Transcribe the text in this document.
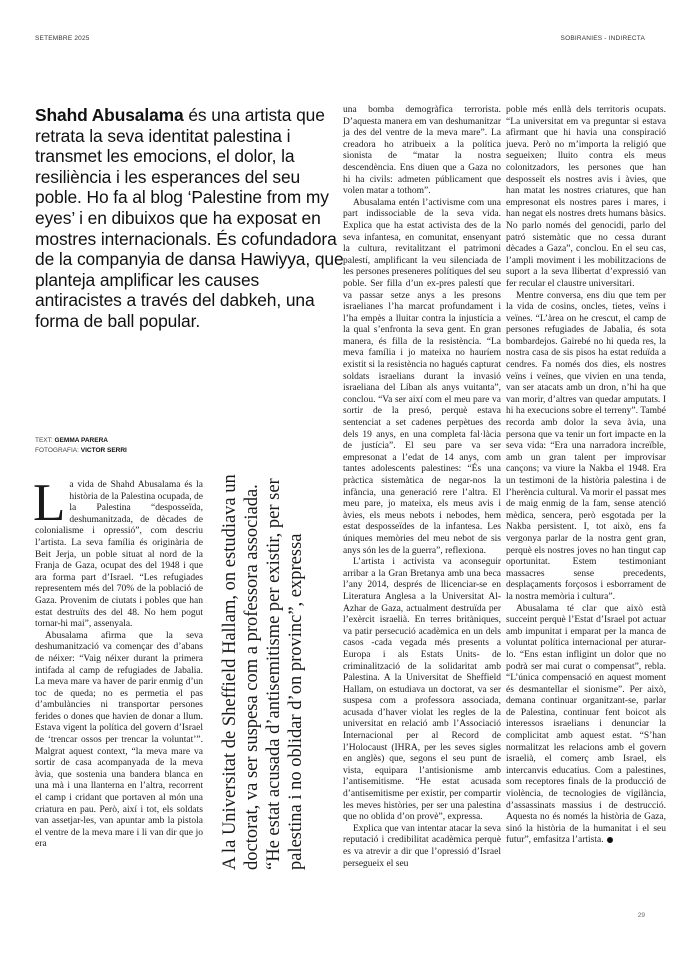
SETEMBRE 2025	SOBIRANIES - INDIRECTA
Shahd Abusalama és una artista que retrata la seva identitat palestina i transmet les emocions, el dolor, la resiliència i les esperances del seu poble. Ho fa al blog ‘Palestine from my eyes’ i en dibuixos que ha exposat en mostres internacionals. És cofundadora de la companyia de dansa Hawiyya, que planteja amplificar les causes antiracistes a través del dabkeh, una forma de ball popular.
TEXT: GEMMA PARERA
FOTOGRAFIA: VICTOR SERRI

La vida de Shahd Abusalama és la història de la Palestina ocupada, de la Palestina “desposseïda, deshumanitzada, de dècades de colonialisme i opressió”, com descriu l’artista. La seva família és originària de Beit Jerja, un poble situat al nord de la Franja de Gaza, ocupat des del 1948 i que ara forma part d’Israel. “Les refugiades representem més del 70% de la població de Gaza. Provenim de ciutats i pobles que han estat destruïts des del 48. No hem pogut tornar-hi mai”, assenyala.

Abusalama afirma que la seva deshumanització va començar des d’abans de néixer: “Vaig néixer durant la primera intifada al camp de refugiades de Jabalia. La meva mare va haver de parir enmig d’un toc de queda; no es permetia el pas d’ambulàncies ni transportar persones ferides o dones que havien de donar a llum. Estava vigent la política del govern d’Israel de ‘trencar ossos per trencar la voluntat’”. Malgrat aquest context, “la meva mare va sortir de casa acompanyada de la meva àvia, que sostenia una bandera blanca en una mà i una llanterna en l’altra, recorrent el camp i cridant que portaven al món una criatura en pau. Però, així i tot, els soldats van assetjar-les, van apuntar amb la pistola el ventre de la meva mare i li van dir que jo era	A la Universitat de Sheffield Hallam, on estudiava un doctorat, va ser suspesa com a professora associada. “He estat acusada d’antisemitisme per existir, per ser palestina i no oblidar d’on provinc”, expressa

una bomba demogràfica terrorista. D’aquesta manera em van deshumanitzar ja des del ventre de la meva mare”. La creadora ho atribueix a la política sionista de “matar la nostra descendència. Ens diuen que a Gaza no hi ha civils: admeten públicament que volen matar a tothom”.

Abusalama entén l’activisme com una part indissociable de la seva vida. Explica que ha estat activista des de la seva infantesa, en comunitat, ensenyant la cultura, revitalitzant el patrimoni palestí, amplificant la veu silenciada de les persones preseneres polítiques del seu poble. Ser filla d’un ex-pres palestí que va passar setze anys a les presons israelianes l’ha marcat profundament i l’ha empès a lluitar contra la injustícia a la qual s’enfronta la seva gent. En gran manera, és filla de la resistència. “La meva família i jo mateixa no hauríem existit si la resistència no hagués capturat soldats israelians durant la invasió israeliana del Líban als anys vuitanta”, conclou. “Va ser així com el meu pare va sortir de la presó, perquè estava sentenciat a set cadenes perpètues des dels 19 anys, en una completa fal·làcia de justícia”. El seu pare va ser empresonat a l’edat de 14 anys, com tantes adolescents palestines: “És una pràctica sistemàtica de negar-nos la infància, una generació rere l’altra. El meu pare, jo mateixa, els meus avis i àvies, els meus nebots i nebodes, hem estat desposseïdes de la infantesa. Les úniques memòries del meu nebot de sis anys són les de la guerra”, reflexiona.

L’artista i activista va aconseguir arribar a la Gran Bretanya amb una beca l’any 2014, després de llicenciar-se en Literatura Anglesa a la Universitat Al-Azhar de Gaza, actualment destruïda per l’exèrcit israelià. En terres britàniques, va patir persecució acadèmica en un dels casos -cada vegada més presents a Europa i als Estats Units- de criminalització de la solidaritat amb Palestina. A la Universitat de Sheffield Hallam, on estudiava un doctorat, va ser suspesa com a professora associada, acusada d’haver violat les regles de la universitat en relació amb l’Associació Internacional per al Record de l’Holocaust (IHRA, per les seves sigles en anglès) que, segons el seu punt de vista, equipara l’antisionisme amb l’antisemitisme. “He estat acusada d’antisemitisme per existir, per compartir les meves històries, per ser una palestina que no oblida d’on provè”, expressa.

Explica que van intentar atacar la seva reputació i credibilitat acadèmica perquè es va atrevir a dir que l’opressió d’Israel persegueix el seu

poble més enllà dels territoris ocupats. “La universitat em va preguntar si estava afirmant que hi havia una conspiració jueva. Però no m’importa la religió que segueixen; lluito contra els meus colonitzadors, les persones que han desposseït els nostres avis i àvies, que han matat les nostres criatures, que han empresonat els nostres pares i mares, i han negat els nostres drets humans bàsics. No parlo només del genocidi, parlo del patró sistemàtic que no cessa durant dècades a Gaza”, conclou. En el seu cas, l’ampli moviment i les mobilitzacions de suport a la seva llibertat d’expressió van fer recular el claustre universitari.

Mentre conversa, ens diu que tem per la vida de cosins, oncles, tietes, veïns i veïnes. “L’àrea on he crescut, el camp de persones refugiades de Jabalia, és sota bombardejos. Gairebé no hi queda res, la nostra casa de sis pisos ha estat reduïda a cendres. Fa només dos dies, els nostres veïns i veïnes, que vivien en una tenda, van ser atacats amb un dron, n’hi ha que van morir, d’altres van quedar amputats. I hi ha execucions sobre el terreny”. També recorda amb dolor la seva àvia, una persona que va tenir un fort impacte en la seva vida: “Era una narradora increïble, amb un gran talent per improvisar cançons; va viure la Nakba el 1948. Era un testimoni de la història palestina i de l’herència cultural. Va morir el passat mes de maig enmig de la fam, sense atenció mèdica, sencera, però esgotada per la Nakba persistent. I, tot això, ens fa vergonya parlar de la nostra gent gran, perquè els nostres joves no han tingut cap oportunitat. Estem testimoniant massacres sense precedents, desplaçaments forçosos i esborrament de la nostra memòria i cultura”.

Abusalama té clar que això està succeint perquè l’Estat d’Israel pot actuar amb impunitat i emparat per la manca de voluntat política internacional per aturar-lo. “Ens estan infligint un dolor que no podrà ser mai curat o compensat”, rebla. “L’única compensació en aquest moment és desmantellar el sionisme”. Per això, demana continuar organitzant-se, parlar de Palestina, continuar fent boicot als interessos israelians i denunciar la complicitat amb aquest estat. “S’han normalitzat les relacions amb el govern israelià, el comerç amb Israel, els intercanvis educatius. Com a palestines, som receptores finals de la producció de violència, de tecnologies de vigilància, d’assassinats massius i de destrucció. Aquesta no és només la història de Gaza, sinó la història de la humanitat i el seu futur”, emfasitza l’artista.

29
